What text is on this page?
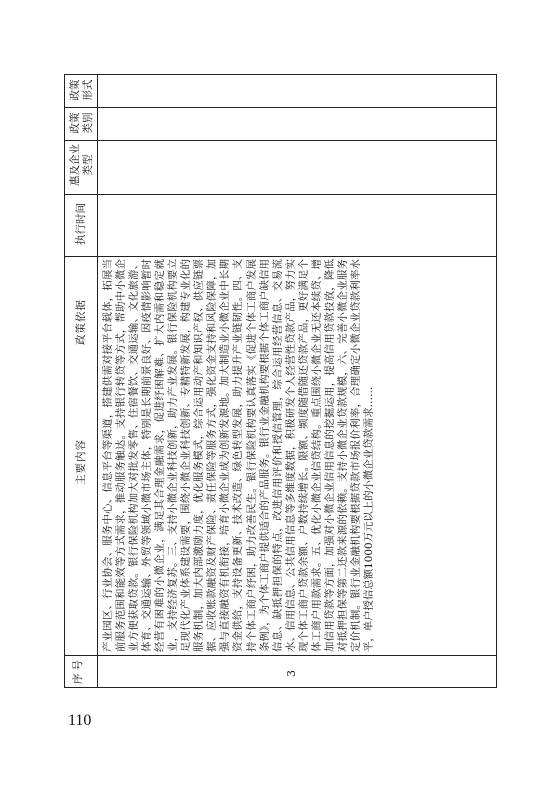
序号
主要内容
政策依据
执行时间
惠及企业类型
政策类别
政策形式
3
产业园区、行业协会、服务中心、信息平台等渠道，搭建供需对接平台载体，拓展当前服务范围和能效等方式需求，推动服务触达。支持银行转贷等方式，帮助中小微企业方便获取贷款。银行保险机构加大对批发零售、住宿餐饮、交通运输、文化旅游、体育、交通运输、外贸等领域小微市场主体，特别是长期前景良好、因疫情影响暂时经营有困难的小微企业，满足其合理金融需求，促进纾困解难、扩大内需和稳定就业，支持经济复苏。三、支持小微企业科技创新，助力产业发展。银行保险机构要立足现代化产业体系建设需要，围绕小微企业科技创新、专精特新发展，构建专业化的服务机制，加大内部激励力度，优化服务模式，综合运用动产和知识产权、供应链票据、应收账款融资及财产保险、责任保险等服务方式，强化资金支持和风险保障，加强与直接融资有机衔接，培育小微企业成为创新发源地。加大制造业小微企业中长期资金供给，支持设备更新、技术改造、绿色转型发展，助力提升产业链韧性。四、支持个体工商户纾困，助力改善民生。银行保险机构要认真落实《促进个体工商户发展条例》，为个体工商户提供适合的产品服务。银行业金融机构要根据个体工商户缺信用信息、缺抵押担保的特点，改进信用评价和授信管理，综合运用经营信息、交易流水、信用信息、公共信用信息等多维度数据，积极研发个人经营性贷款产品，努力实现个体工商户贷款余额、户数持续增长。限额、频度随借随还贷款产品，更好满足个体工商户用款需求。五、优化小微企业信贷结构。重点围绕小微企业无还本续贷、增加信用贷款等方面，加强对小微企业信用信息的挖掘运用，提高信用贷款投放，降低对抵押担保等第二还款来源的依赖。支持小微企业贷款规模，六、完善小微企业服务定价机制。银行业金融机构要根据贷款市场报价利率，合理确定小微企业贷款利率水平，单户授信总额1000万元以上的小微企业贷款需求……
110
